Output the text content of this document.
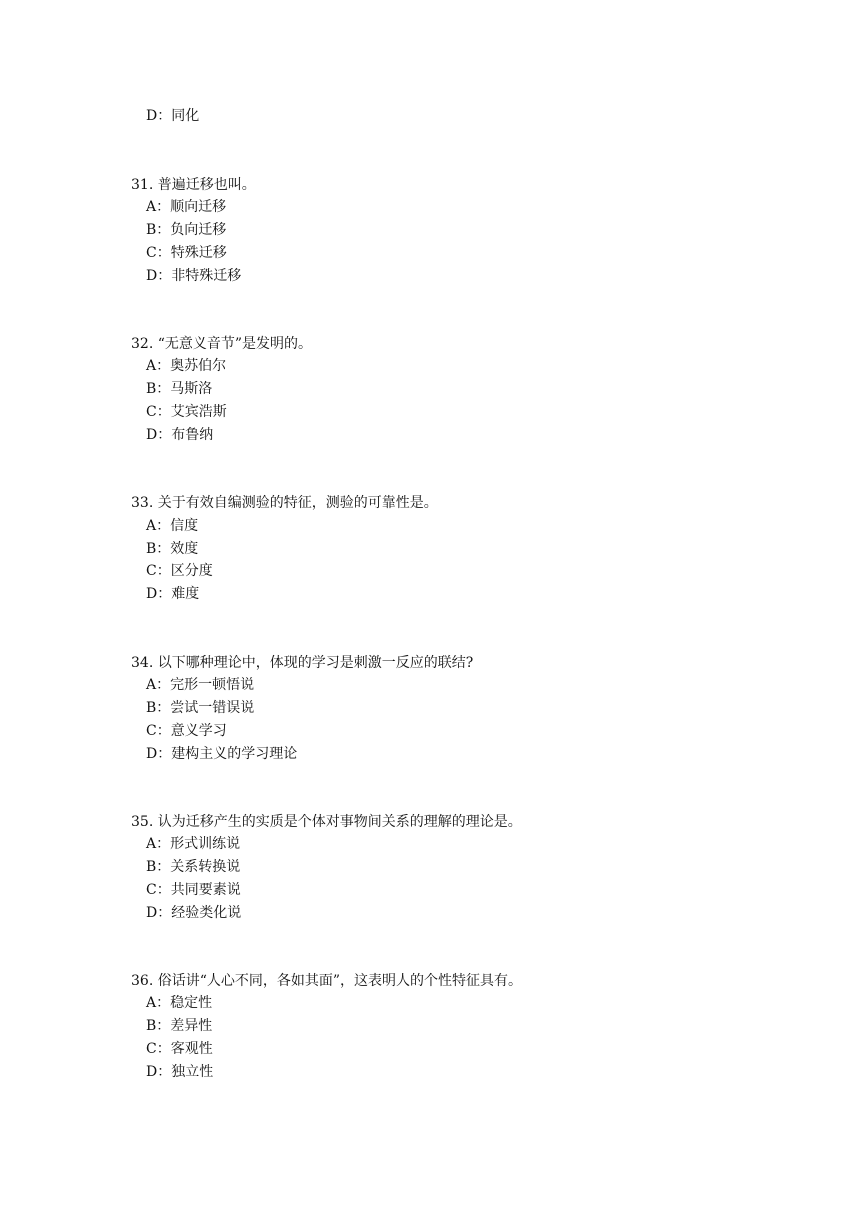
D：同化
31. 普遍迁移也叫。
A：顺向迁移
B：负向迁移
C：特殊迁移
D：非特殊迁移
32. “无意义音节”是发明的。
A：奥苏伯尔
B：马斯洛
C：艾宾浩斯
D：布鲁纳
33. 关于有效自编测验的特征，测验的可靠性是。
A：信度
B：效度
C：区分度
D：难度
34. 以下哪种理论中，体现的学习是刺激一反应的联结?
A：完形一顿悟说
B：尝试一错误说
C：意义学习
D：建构主义的学习理论
35. 认为迁移产生的实质是个体对事物间关系的理解的理论是。
A：形式训练说
B：关系转换说
C：共同要素说
D：经验类化说
36. 俗话讲“人心不同，各如其面”，这表明人的个性特征具有。
A：稳定性
B：差异性
C：客观性
D：独立性
